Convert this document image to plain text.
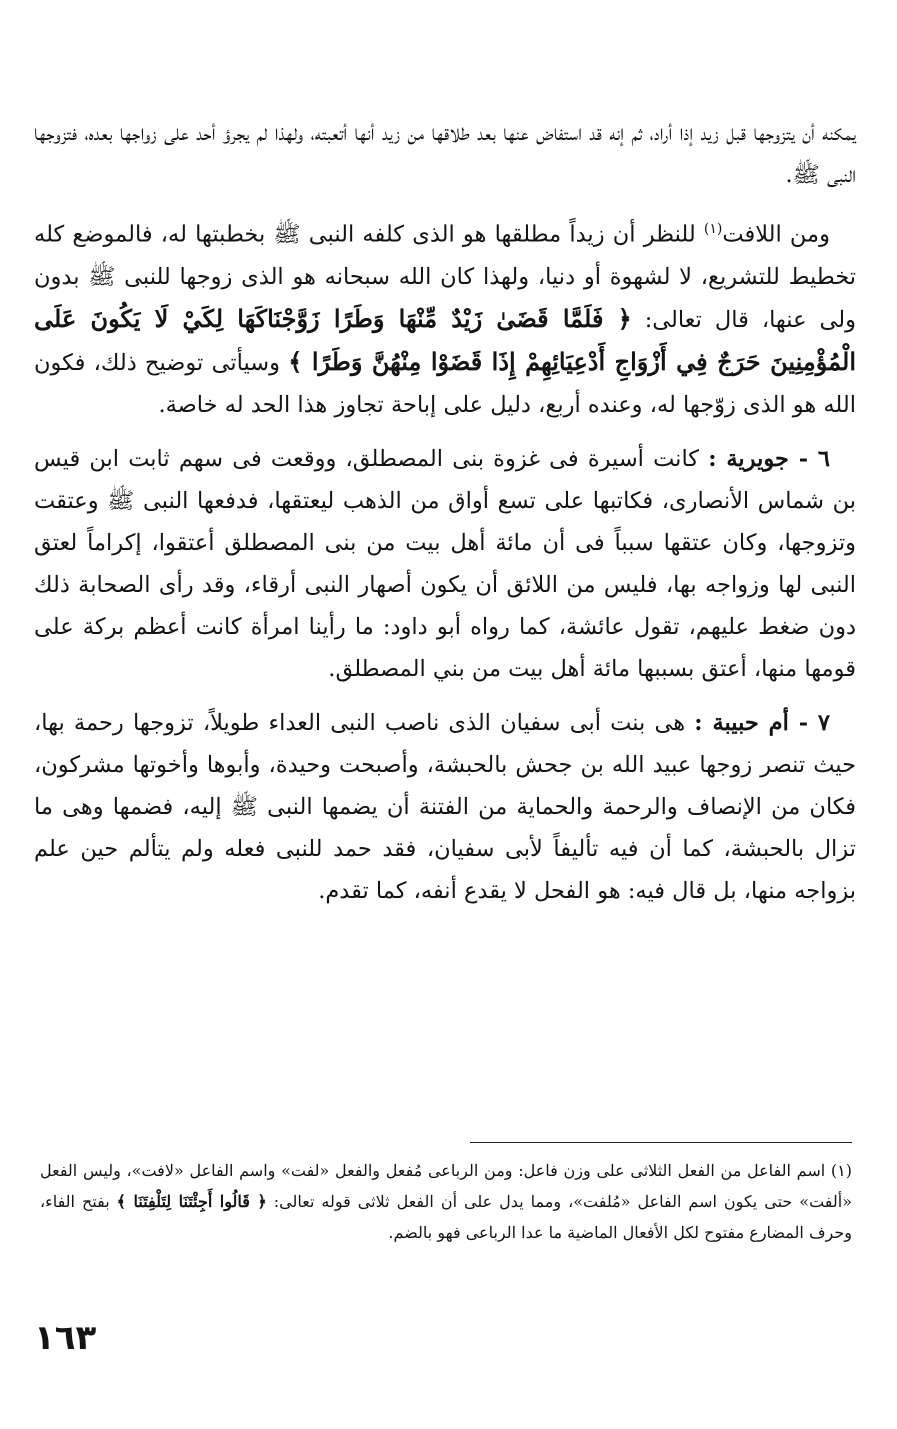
يمكنه أن يتزوجها قبل زيد إذا أراد، ثم إنه قد استفاض عنها بعد طلاقها من زيد أنها أتعبته، ولهذا لم يجرؤ أحد على زواجها بعده، فتزوجها النبى ﷺ.

ومن اللافت$^{(١)}$ للنظر أن زيداً مطلقها هو الذى كلفه النبى ﷺ بخطبتها له، فالموضع كله تخطيط للتشريع، لا لشهوة أو دنيا، ولهذا كان الله سبحانه هو الذى زوجها للنبى ﷺ بدون ولى عنها، قال تعالى: ﴿ فَلَمَّا قَضَىٰ زَيْدٌ مِّنْهَا وَطَرًا زَوَّجْنَاكَهَا لِكَيْ لَا يَكُونَ عَلَى الْمُؤْمِنِينَ حَرَجٌ فِي أَزْوَاجِ أَدْعِيَائِهِمْ إِذَا قَضَوْا مِنْهُنَّ وَطَرًا ﴾ وسيأتى توضيح ذلك، فكون الله هو الذى زوّجها له، وعنده أربع، دليل على إباحة تجاوز هذا الحد له خاصة.

٦ - جويرية : كانت أسيرة فى غزوة بنى المصطلق، ووقعت فى سهم ثابت ابن قيس بن شماس الأنصارى، فكاتبها على تسع أواق من الذهب ليعتقها، فدفعها النبى ﷺ وعتقت وتزوجها، وكان عتقها سبباً فى أن مائة أهل بيت من بنى المصطلق أعتقوا، إكراماً لعتق النبى لها وزواجه بها، فليس من اللائق أن يكون أصهار النبى أرقاء، وقد رأى الصحابة ذلك دون ضغط عليهم، تقول عائشة، كما رواه أبو داود: ما رأينا امرأة كانت أعظم بركة على قومها منها، أعتق بسببها مائة أهل بيت من بني المصطلق.

٧ - أم حبيبة : هى بنت أبى سفيان الذى ناصب النبى العداء طويلاً، تزوجها رحمة بها، حيث تنصر زوجها عبيد الله بن جحش بالحبشة، وأصبحت وحيدة، وأبوها وأخوتها مشركون، فكان من الإنصاف والرحمة والحماية من الفتنة أن يضمها النبى ﷺ إليه، فضمها وهى ما تزال بالحبشة، كما أن فيه تأليفاً لأبى سفيان، فقد حمد للنبى فعله ولم يتألم حين علم بزواجه منها، بل قال فيه: هو الفحل لا يقدع أنفه، كما تقدم.

(١) اسم الفاعل من الفعل الثلاثى على وزن فاعل: ومن الرباعى مُفعل والفعل «لفت» واسم الفاعل «لافت»، وليس الفعل «ألفت» حتى يكون اسم الفاعل «مُلفت»، ومما يدل على أن الفعل ثلاثى قوله تعالى: ﴿ قَالُوا أَجِئْتَنَا لِتَلْفِتَنَا ﴾ بفتح الفاء، وحرف المضارع مفتوح لكل الأفعال الماضية ما عدا الرباعى فهو بالضم.

١٦٣
